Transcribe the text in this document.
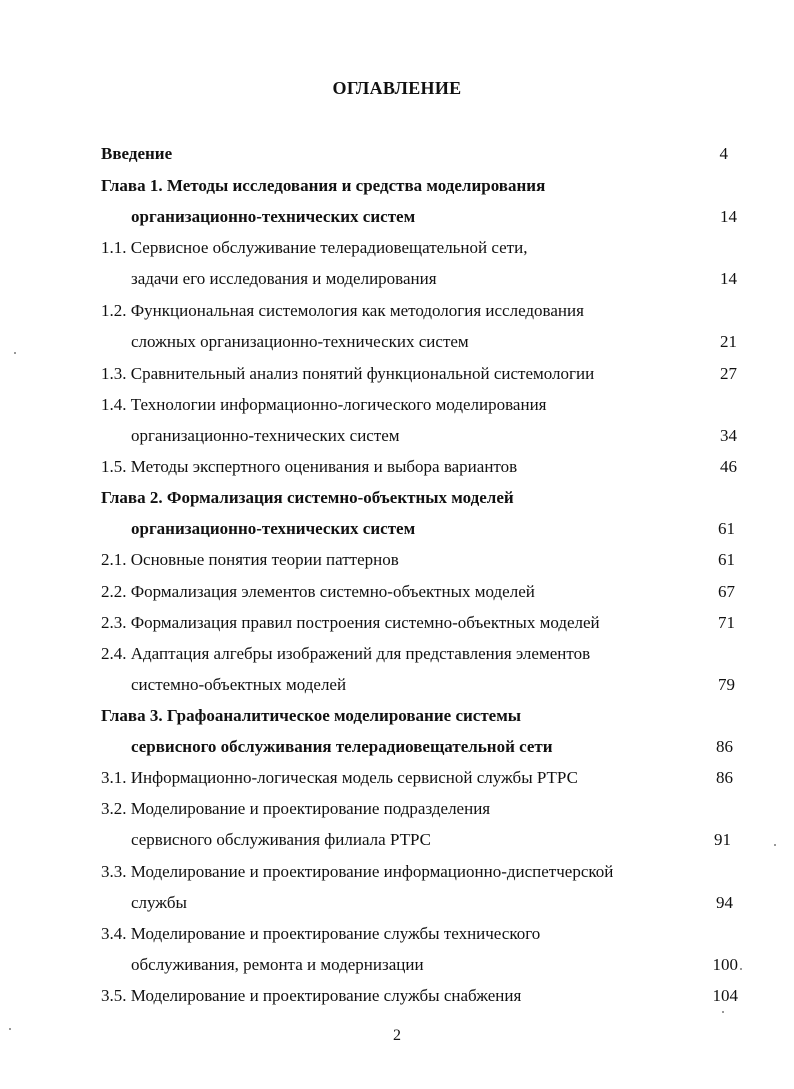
ОГЛАВЛЕНИЕ
Введение	4
Глава 1. Методы исследования и средства моделирования
организационно-технических систем	14
1.1. Сервисное обслуживание телерадиовещательной сети,
задачи его исследования и моделирования	14
1.2. Функциональная системология как методология исследования
сложных организационно-технических систем	21
1.3. Сравнительный анализ понятий функциональной системологии	27
1.4. Технологии информационно-логического моделирования
организационно-технических систем	34
1.5. Методы экспертного оценивания и выбора вариантов	46
Глава 2. Формализация системно-объектных моделей
организационно-технических систем	61
2.1. Основные понятия теории паттернов	61
2.2. Формализация элементов системно-объектных моделей	67
2.3. Формализация правил построения системно-объектных моделей	71
2.4. Адаптация алгебры изображений для представления элементов
системно-объектных моделей	79
Глава 3. Графоаналитическое моделирование системы
сервисного обслуживания телерадиовещательной сети	86
3.1. Информационно-логическая модель сервисной службы РТРС	86
3.2. Моделирование и проектирование подразделения
сервисного обслуживания филиала РТРС	91
3.3. Моделирование и проектирование информационно-диспетчерской
службы	94
3.4. Моделирование и проектирование службы технического
обслуживания, ремонта и модернизации	100
3.5. Моделирование и проектирование службы снабжения	104
2
